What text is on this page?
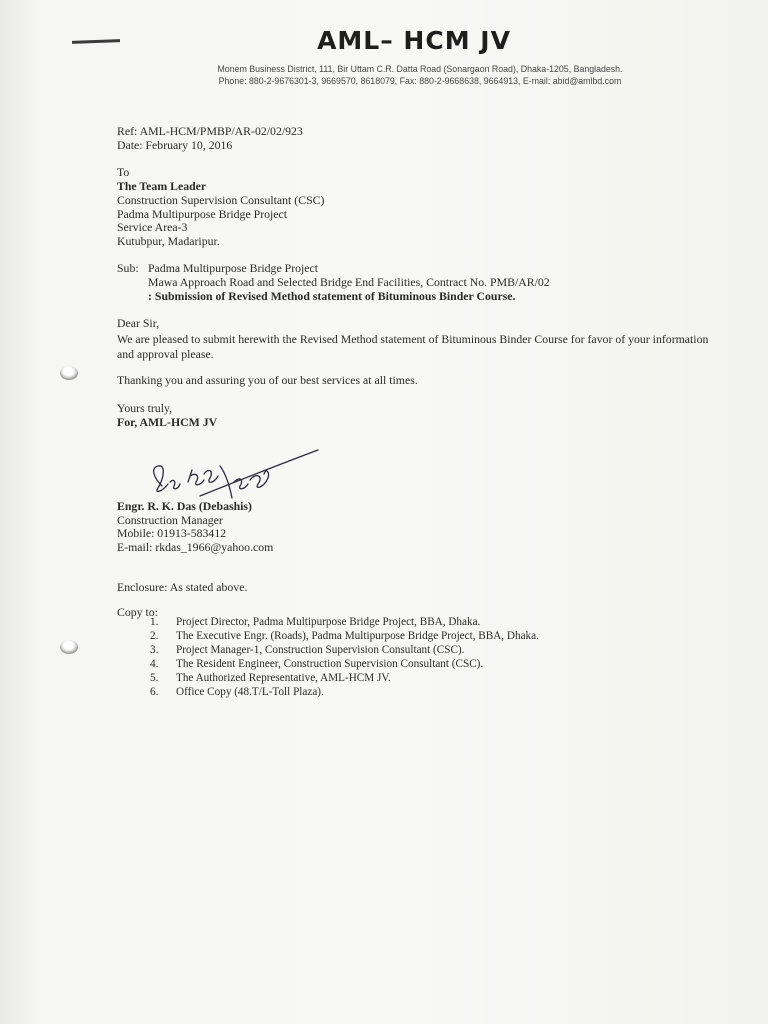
AML– HCM JV
Monem Business District, 111, Bir Uttam C.R. Datta Road (Sonargaon Road), Dhaka-1205, Bangladesh.
Phone: 880-2-9676301-3, 9669570, 8618079, Fax: 880-2-9668638, 9664913, E-mail: abid@amlbd.com
Ref: AML-HCM/PMBP/AR-02/02/923
Date: February 10, 2016
To
The Team Leader
Construction Supervision Consultant (CSC)
Padma Multipurpose Bridge Project
Service Area-3
Kutubpur, Madaripur.
Sub: Padma Multipurpose Bridge Project
Mawa Approach Road and Selected Bridge End Facilities, Contract No. PMB/AR/02
: Submission of Revised Method statement of Bituminous Binder Course.
Dear Sir,
We are pleased to submit herewith the Revised Method statement of Bituminous Binder Course for favor of your information and approval please.
Thanking you and assuring you of our best services at all times.
Yours truly,
For, AML-HCM JV
Engr. R. K. Das (Debashis)
Construction Manager
Mobile: 01913-583412
E-mail: rkdas_1966@yahoo.com
Enclosure: As stated above.
Copy to:
1. Project Director, Padma Multipurpose Bridge Project, BBA, Dhaka.
2. The Executive Engr. (Roads), Padma Multipurpose Bridge Project, BBA, Dhaka.
3. Project Manager-1, Construction Supervision Consultant (CSC).
4. The Resident Engineer, Construction Supervision Consultant (CSC).
5. The Authorized Representative, AML-HCM JV.
6. Office Copy (48.T/L-Toll Plaza).
